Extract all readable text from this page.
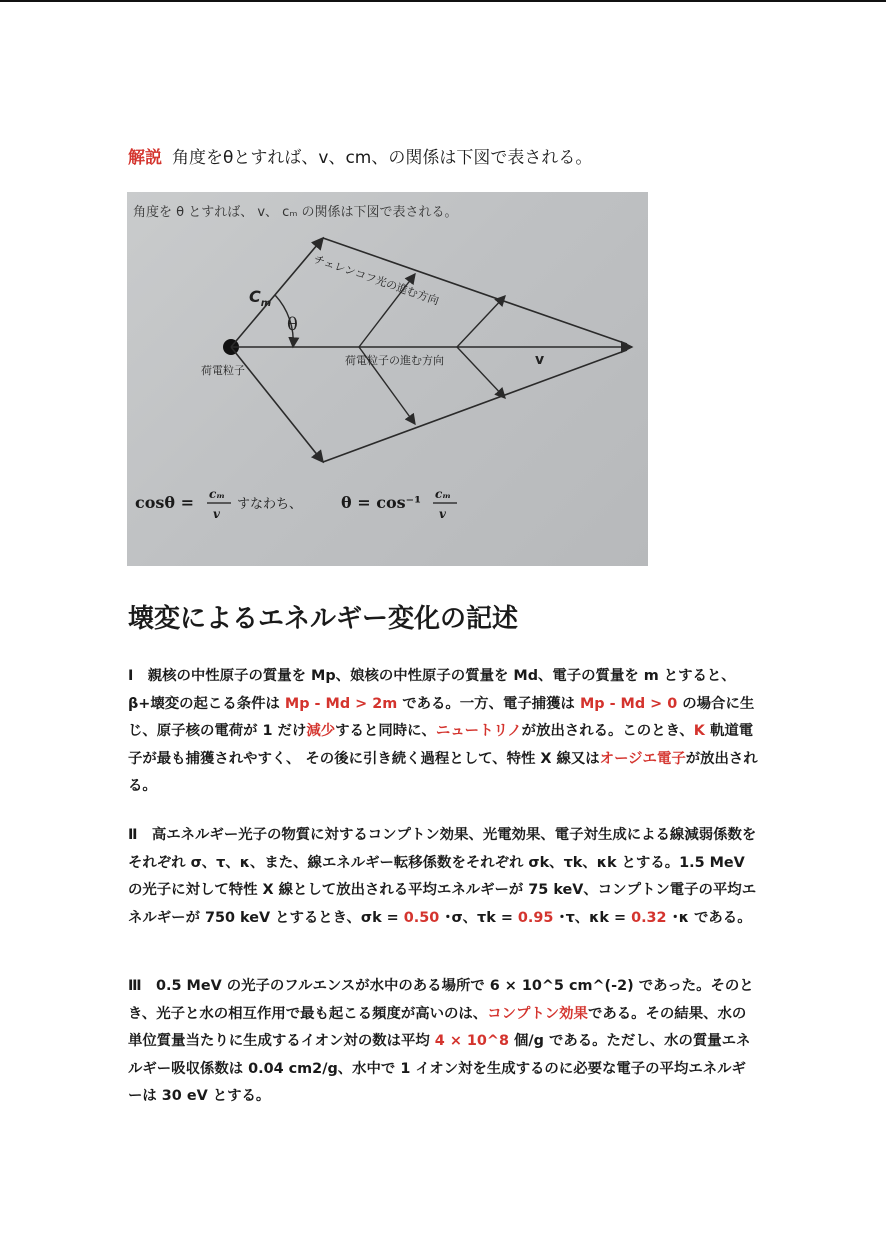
解説 角度をθとすれば、v、cm、の関係は下図で表される。
角度を θ とすれば、 v、 cₘ の関係は下図で表される。
$C_m$
θ
荷電粒子
荷電粒子の進む方向	v
チェレンコフ光の進む方向
cosθ = cₘ
v
すなわち、 θ = cos⁻¹ cₘ
v
壊変によるエネルギー変化の記述
Ⅰ　親核の中性原子の質量を Mp、娘核の中性原子の質量を Md、電子の質量を m とすると、β+壊変の起こる条件は Mp - Md > 2m である。一方、電子捕獲は Mp - Md > 0 の場合に生じ、原子核の電荷が 1 だけ減少すると同時に、ニュートリノが放出される。このとき、K 軌道電子が最も捕獲されやすく、 その後に引き続く過程として、特性 X 線又はオージエ電子が放出される。
Ⅱ　高エネルギー光子の物質に対するコンプトン効果、光電効果、電子対生成による線減弱係数をそれぞれ σ、τ、κ、また、線エネルギー転移係数をそれぞれ σk、τk、κk とする。1.5 MeV の光子に対して特性 X 線として放出される平均エネルギーが 75 keV、コンプトン電子の平均エネルギーが 750 keV とするとき、σk = 0.50 ･σ、τk = 0.95 ･τ、κk = 0.32 ･κ である。
Ⅲ　0.5 MeV の光子のフルエンスが水中のある場所で 6 × 10^5 cm^(-2) であった。そのとき、光子と水の相互作用で最も起こる頻度が高いのは、コンプトン効果である。その結果、水の単位質量当たりに生成するイオン対の数は平均 4 × 10^8 個/g である。ただし、水の質量エネルギー吸収係数は 0.04 cm2/g、水中で 1 イオン対を生成するのに必要な電子の平均エネルギーは 30 eV とする。
